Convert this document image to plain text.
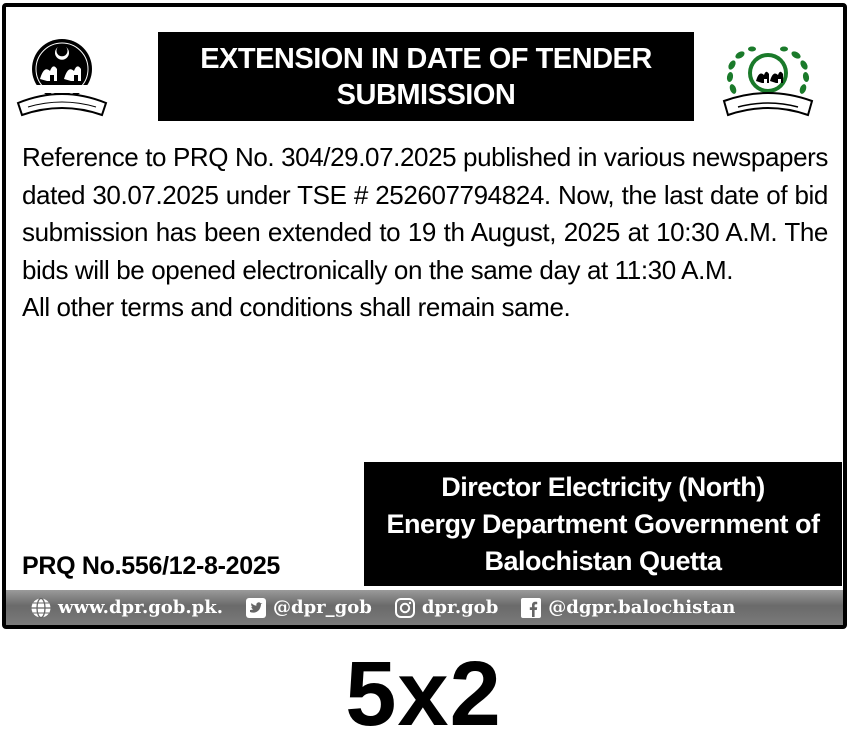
EXTENSION IN DATE OF TENDER
SUBMISSION

Reference to PRQ No. 304/29.07.2025 published in various newspapers dated 30.07.2025 under TSE # 252607794824. Now, the last date of bid submission has been extended to 19 th August, 2025 at 10:30 A.M. The bids will be opened electronically on the same day at 11:30 A.M.

All other terms and conditions shall remain same.

Director Electricity (North)
Energy Department Government of
Balochistan Quetta
PRQ No.556/12-8-2025
www.dpr.gob.pk.	@dpr_gob	dpr.gob	@dgpr.balochistan
5x2
